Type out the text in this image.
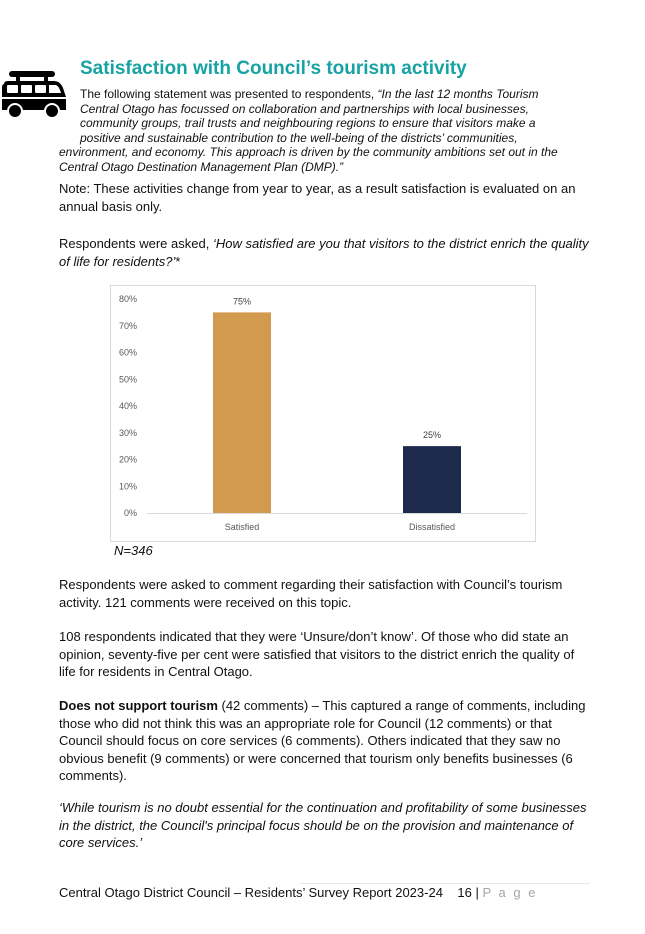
Satisfaction with Council’s tourism activity
The following statement was presented to respondents, “In the last 12 months Tourism Central Otago has focussed on collaboration and partnerships with local businesses, community groups, trail trusts and neighbouring regions to ensure that visitors make a positive and sustainable contribution to the well-being of the districts’ communities, environment, and economy. This approach is driven by the community ambitions set out in the Central Otago Destination Management Plan (DMP).”
Note: These activities change from year to year, as a result satisfaction is evaluated on an annual basis only.
Respondents were asked, ‘How satisfied are you that visitors to the district enrich the quality of life for residents?’*
0%
10%
20%
30%
40%
50%
60%
70%
80%	75%
Satisfied
25%
Dissatisfied
N=346
Respondents were asked to comment regarding their satisfaction with Council’s tourism activity. 121 comments were received on this topic.
108 respondents indicated that they were ‘Unsure/don’t know’. Of those who did state an opinion, seventy-five per cent were satisfied that visitors to the district enrich the quality of life for residents in Central Otago.
Does not support tourism (42 comments) – This captured a range of comments, including those who did not think this was an appropriate role for Council (12 comments) or that Council should focus on core services (6 comments). Others indicated that they saw no obvious benefit (9 comments) or were concerned that tourism only benefits businesses (6 comments).
‘While tourism is no doubt essential for the continuation and profitability of some businesses in the district, the Council's principal focus should be on the provision and maintenance of core services.’
Central Otago District Council – Residents’ Survey Report 2023-24 16 | P a g e
